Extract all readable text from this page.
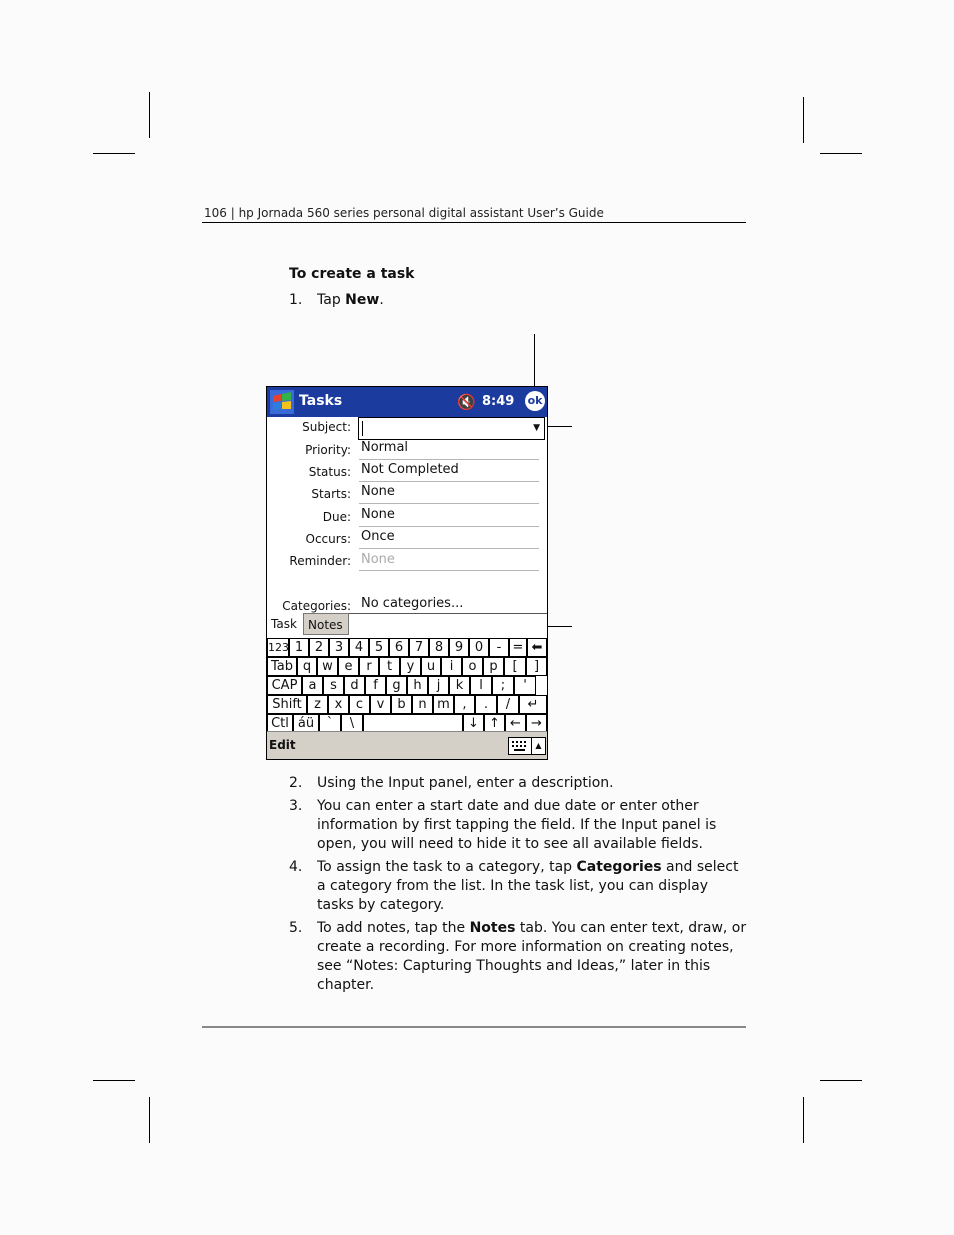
106 | hp Jornada 560 series personal digital assistant User’s Guide
To create a task
1.	Tap New.
Tasks	🔇 8:49 ok
Subject:	▼
Priority: Normal
Status: Not Completed
Starts: None
Due: None
Occurs: Once
Reminder: None
Categories: No categories...
Task Notes
123 1 2 3 4 5 6 7 8 9 0	- = ⬅
Tab q w e	r	t	y u	i	o p	[	]
CAP a	s	d	f	g h	j	k	l	;	'
Shift z	x	c	v	b n m ,	.	/	↵
Ctl áü `	\	↓ ↑ ← →
Edit	▲
2.	Using the Input panel, enter a description.
3.	You can enter a start date and due date or enter other information by first tapping the field. If the Input panel is open, you will need to hide it to see all available fields.
4.	To assign the task to a category, tap Categories and select a category from the list. In the task list, you can display tasks by category.
5.	To add notes, tap the Notes tab. You can enter text, draw, or create a recording. For more information on creating notes, see “Notes: Capturing Thoughts and Ideas,” later in this chapter.
